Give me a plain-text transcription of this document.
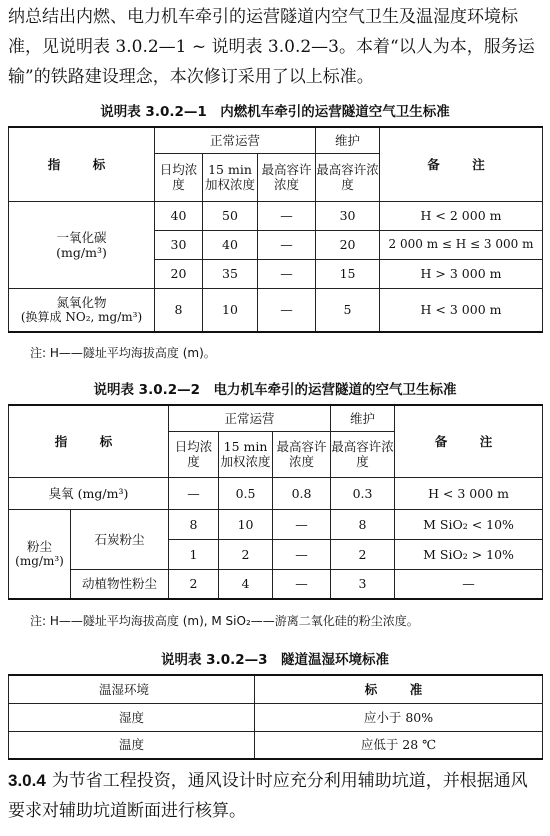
纳总结出内燃、电力机车牵引的运营隧道内空气卫生及温湿度环境标准，见说明表 3.0.2—1 ~ 说明表 3.0.2—3。本着“以人为本，服务运输”的铁路建设理念，本次修订采用了以上标准。
说明表 3.0.2—1　内燃机车牵引的运营隧道空气卫生标准
指　标	正常运营			维护	备　注
	日均浓度	15 min 加权浓度	最高容许浓度	最高容许浓度	

一氧化碳
(mg/m³)	40	50	—	30	H < 2 000 m
	30	40	—	20	2 000 m ≤ H ≤ 3 000 m
	20	35	—	15	H > 3 000 m

氮氧化物
(换算成 NO₂, mg/m³)	8	10	—	5	H < 3 000 m
注: H——隧址平均海拔高度 (m)。
说明表 3.0.2—2　电力机车牵引的运营隧道的空气卫生标准
指　标		正常运营			维护	备　注
		日均浓度	15 min 加权浓度	最高容许浓度	最高容许浓度	
臭氧 (mg/m³)		—	0.5	0.8	0.3	H < 3 000 m

粉尘
(mg/m³)	石炭粉尘	8	10	—	8	M SiO₂ < 10%
		1	2	—	2	M SiO₂ > 10%
	动植物性粉尘	2	4	—	3	—
注: H——隧址平均海拔高度 (m), M SiO₂——游离二氧化硅的粉尘浓度。
说明表 3.0.2—3　隧道温湿环境标准
温湿环境	标　准
湿度	应小于 80%
温度	应低于 28 ℃
3.0.4 为节省工程投资，通风设计时应充分利用辅助坑道，并根据通风要求对辅助坑道断面进行核算。
